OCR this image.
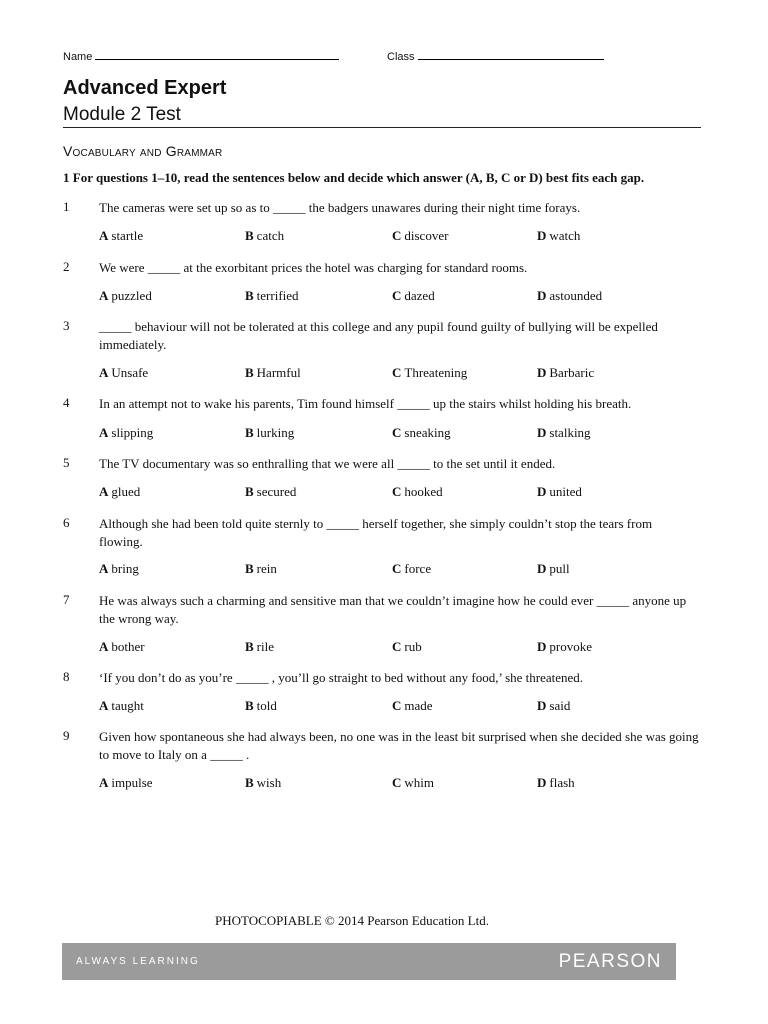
Name	Class
Advanced Expert
Module 2 Test
Vocabulary and Grammar
1 For questions 1–10, read the sentences below and decide which answer (A, B, C or D) best fits each gap.
1	The cameras were set up so as to _____ the badgers unawares during their night time forays.
A startle	B catch	C discover	D watch
2	We were _____ at the exorbitant prices the hotel was charging for standard rooms.
A puzzled	B terrified	C dazed	D astounded
3	_____ behaviour will not be tolerated at this college and any pupil found guilty of bullying will be expelled immediately.
A Unsafe	B Harmful	C Threatening	D Barbaric
4	In an attempt not to wake his parents, Tim found himself _____ up the stairs whilst holding his breath.
A slipping	B lurking	C sneaking	D stalking
5	The TV documentary was so enthralling that we were all _____ to the set until it ended.
A glued	B secured	C hooked	D united
6	Although she had been told quite sternly to _____ herself together, she simply couldn’t stop the tears from flowing.
A bring	B rein	C force	D pull
7	He was always such a charming and sensitive man that we couldn’t imagine how he could ever _____ anyone up the wrong way.
A bother	B rile	C rub	D provoke
8	‘If you don’t do as you’re _____ , you’ll go straight to bed without any food,’ she threatened.
A taught	B told	C made	D said
9	Given how spontaneous she had always been, no one was in the least bit surprised when she decided she was going to move to Italy on a _____ .
A impulse	B wish	C whim	D flash
PHOTOCOPIABLE © 2014 Pearson Education Ltd.
ALWAYS LEARNING	PEARSON
